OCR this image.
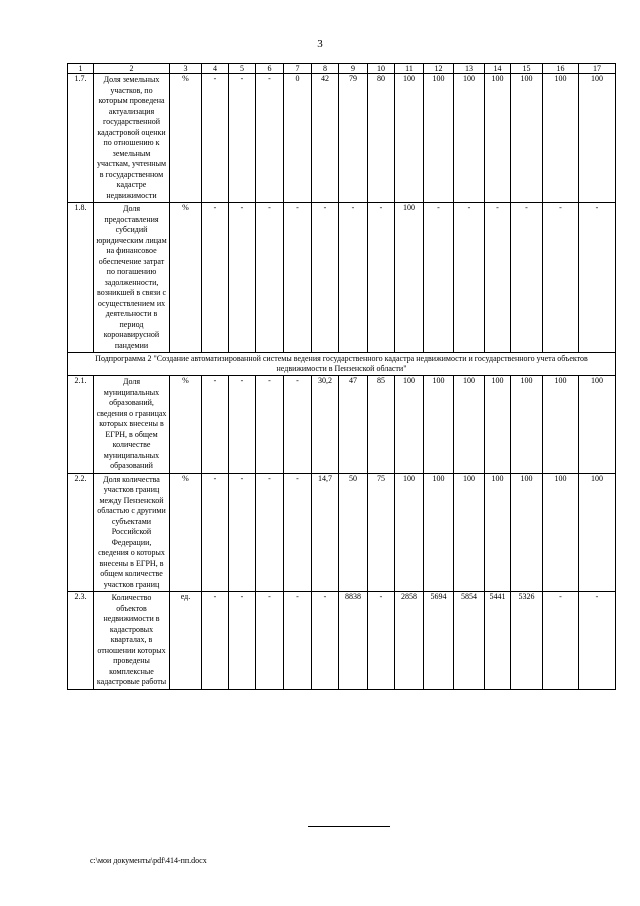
3
1	2	3	4	5	6	7	8	9	10	11	12	13	14	15	16	17
1.7.	Доля земельных участков, по которым проведена актуализация государственной кадастровой оценки по отношению к земельным участкам, учтенным в государственном кадастре недвижимости	%	-	-	-	0	42	79	80	100	100	100	100	100	100	100
1.8.	Доля предоставления субсидий юридическим лицам на финансовое обеспечение затрат по погашению задолженности, возникшей в связи с осуществлением их деятельности в период коронавирусной пандемии	%	-	-	-	-	-	-	-	100	-	-	-	-	-	-
Подпрограмма 2 "Создание автоматизированной системы ведения государственного кадастра недвижимости и государственного учета объектов недвижимости в Пензенской области"																
2.1.	Доля муниципальных образований, сведения о границах которых внесены в ЕГРН, в общем количестве муниципальных образований	%	-	-	-	-	30,2	47	85	100	100	100	100	100	100	100
2.2.	Доля количества участков границ между Пензенской областью с другими субъектами Российской Федерации, сведения о которых внесены в ЕГРН, в общем количестве участков границ	%	-	-	-	-	14,7	50	75	100	100	100	100	100	100	100
2.3.	Количество объектов недвижимости в кадастровых кварталах, в отношении которых проведены комплексные кадастровые работы	ед.	-	-	-	-	-	8838	-	2858	5694	5854	5441	5326	-	-
c:\мои документы\pdf\414-пп.docx
